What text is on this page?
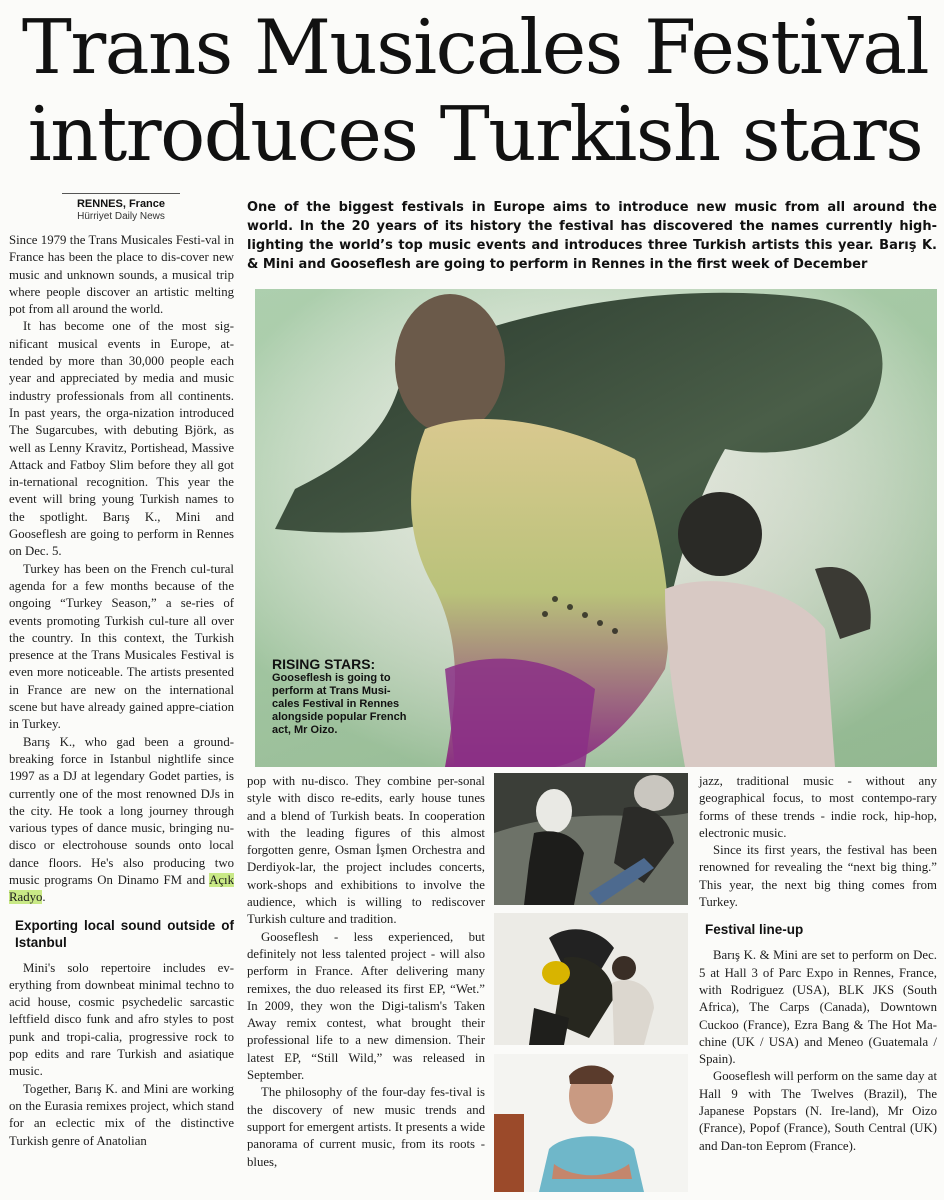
Trans Musicales Festival
introduces Turkish stars
RENNES, France
Hürriyet Daily News

One of the biggest festivals in Europe aims to introduce new music from all around the world. In the 20 years of its history the festival has discovered the names currently high-lighting the world’s top music events and introduces three Turkish artists this year. Barış K. & Mini and Gooseflesh are going to perform in Rennes in the first week of December

Since 1979 the Trans Musicales Festi-val in France has been the place to dis-cover new music and unknown sounds, a musical trip where people discover an artistic melting pot from all around the world.

It has become one of the most sig-nificant musical events in Europe, at-tended by more than 30,000 people each year and appreciated by media and music industry professionals from all continents. In past years, the orga-nization introduced The Sugarcubes, with debuting Björk, as well as Lenny Kravitz, Portishead, Massive Attack and Fatboy Slim before they all got in-ternational recognition. This year the event will bring young Turkish names to the spotlight. Barış K., Mini and Gooseflesh are going to perform in Rennes on Dec. 5.

Turkey has been on the French cul-tural agenda for a few months because of the ongoing “Turkey Season,” a se-ries of events promoting Turkish cul-ture all over the country. In this context, the Turkish presence at the Trans Musicales Festival is even more noticeable. The artists presented in France are new on the international scene but have already gained appre-ciation in Turkey.

Barış K., who gad been a ground-breaking force in Istanbul nightlife since 1997 as a DJ at legendary Godet parties, is currently one of the most renowned DJs in the city. He took a long journey through various types of dance music, bringing nu-disco or electrohouse sounds onto local dance floors. He's also producing two music programs On Dinamo FM and Açık Radyo.

Exporting local sound outside of Istanbul

Mini's solo repertoire includes ev-erything from downbeat minimal techno to acid house, cosmic psychedelic sarcastic leftfield disco funk and afro styles to post punk and tropi-calia, progressive rock to pop edits and rare Turkish and asiatique music.

Together, Barış K. and Mini are working on the Eurasia remixes project, which stand for an eclectic mix of the distinctive Turkish genre of Anatolian

RISING STARS:
Gooseflesh is going to perform at Trans Musi-cales Festival in Rennes alongside popular French act, Mr Oizo.

pop with nu-disco. They combine per-sonal style with disco re-edits, early house tunes and a blend of Turkish beats. In cooperation with the leading figures of this almost forgotten genre, Osman İşmen Orchestra and Derdiyok-lar, the project includes concerts, work-shops and exhibitions to involve the audience, which is willing to rediscover Turkish culture and tradition.

Gooseflesh - less experienced, but definitely not less talented project - will also perform in France. After delivering many remixes, the duo released its first EP, “Wet.” In 2009, they won the Digi-talism's Taken Away remix contest, what brought their professional life to a new dimension. Their latest EP, “Still Wild,” was released in September.

The philosophy of the four-day fes-tival is the discovery of new music trends and support for emergent artists. It presents a wide panorama of current music, from its roots - blues,

jazz, traditional music - without any geographical focus, to most contempo-rary forms of these trends - indie rock, hip-hop, electronic music.

Since its first years, the festival has been renowned for revealing the “next big thing.” This year, the next big thing comes from Turkey.

Festival line-up

Barış K. & Mini are set to perform on Dec. 5 at Hall 3 of Parc Expo in Rennes, France, with Rodriguez (USA), BLK JKS (South Africa), The Carps (Canada), Downtown Cuckoo (France), Ezra Bang & The Hot Ma-chine (UK / USA) and Meneo (Guatemala / Spain).

Gooseflesh will perform on the same day at Hall 9 with The Twelves (Brazil), The Japanese Popstars (N. Ire-land), Mr Oizo (France), Popof (France), South Central (UK) and Dan-ton Eeprom (France).
